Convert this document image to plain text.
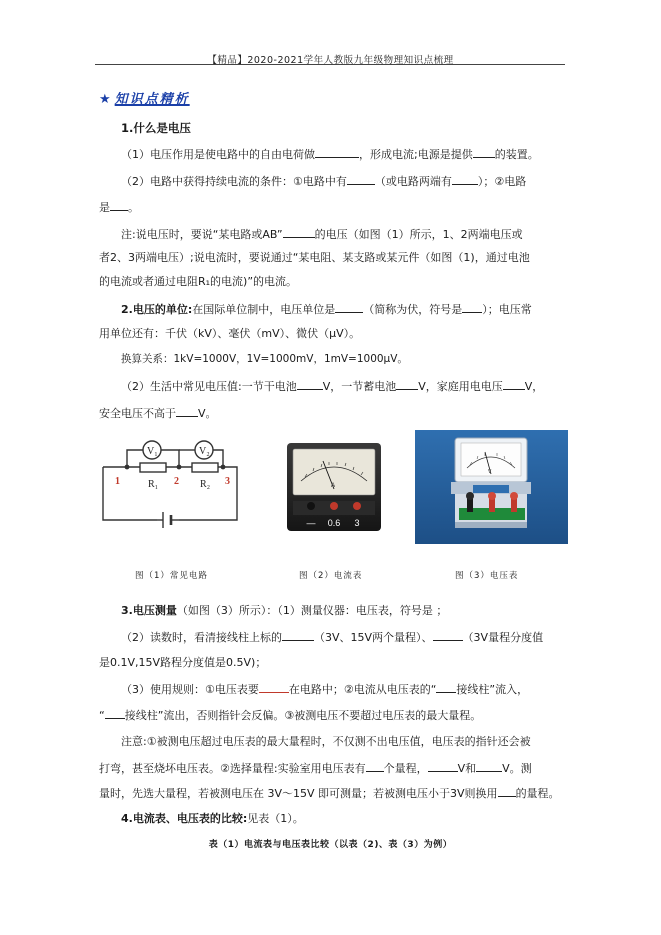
【精品】2020-2021学年人教版九年级物理知识点梳理
★ 知识点精析
1.什么是电压
（1）电压作用是使电路中的自由电荷做	，形成电流;电源是提供 的装置。
（2）电路中获得持续电流的条件：①电路中有	（或电路两端有 ）；②电路
是 。
注:说电压时，要说“某电路或AB”	的电压（如图（1）所示，1、2两端电压或
者2、3两端电压）;说电流时，要说通过“某电阻、某支路或某元件（如图（1)，通过电池
的电流或者通过电阻R₁的电流)”的电流。
2.电压的单位:在国际单位制中，电压单位是	（简称为伏，符号是 ）；电压常
用单位还有：千伏（kV）、毫伏（mV）、微伏（μV）。
换算关系：1kV=1000V，1V=1000mV，1mV=1000μV。
（2）生活中常见电压值:一节干电池 V，一节蓄电池 V，家庭用电电压 V，
安全电压不高于 V。
V₁	V₂
R₁	R₂
1	2	3	A
— 0.6 3
V
图（1）常见电路	图（2）电流表	图（3）电压表
3.电压测量（如图（3）所示）：（1）测量仪器：电压表，符号是 ；
（2）读数时，看清接线柱上标的	（3V、15V两个量程）、	（3V量程分度值
是0.1V,15V路程分度值是0.5V)；
（3）使用规则：①电压表要	在电路中；②电流从电压表的“ 接线柱”流入，
“ 接线柱”流出，否则指针会反偏。③被测电压不要超过电压表的最大量程。
注意:①被测电压超过电压表的最大量程时，不仅测不出电压值，电压表的指针还会被
打弯，甚至烧坏电压表。②选择量程:实验室用电压表有 个量程，	V和 V。测
量时，先选大量程，若被测电压在 3V～15V 即可测量；若被测电压小于3V则换用 的量程。
4.电流表、电压表的比较:见表（1）。
表（1）电流表与电压表比较（以表（2)、表（3）为例）
